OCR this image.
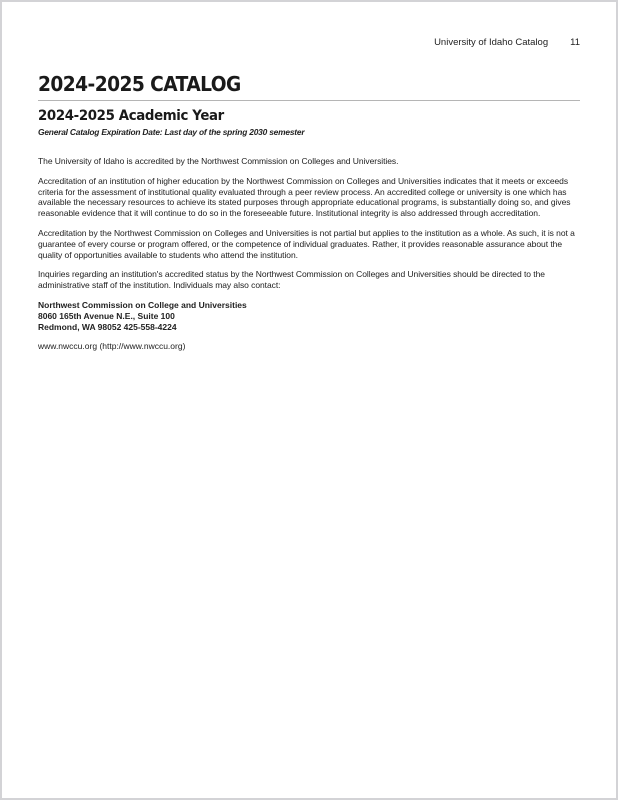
University of Idaho Catalog 11
2024-2025 CATALOG
2024-2025 Academic Year

General Catalog Expiration Date: Last day of the spring 2030 semester

The University of Idaho is accredited by the Northwest Commission on Colleges and Universities.

Accreditation of an institution of higher education by the Northwest Commission on Colleges and Universities indicates that it meets or exceeds criteria for the assessment of institutional quality evaluated through a peer review process. An accredited college or university is one which has available the necessary resources to achieve its stated purposes through appropriate educational programs, is substantially doing so, and gives reasonable evidence that it will continue to do so in the foreseeable future. Institutional integrity is also addressed through accreditation.

Accreditation by the Northwest Commission on Colleges and Universities is not partial but applies to the institution as a whole. As such, it is not a guarantee of every course or program offered, or the competence of individual graduates. Rather, it provides reasonable assurance about the quality of opportunities available to students who attend the institution.

Inquiries regarding an institution's accredited status by the Northwest Commission on Colleges and Universities should be directed to the administrative staff of the institution. Individuals may also contact:

Northwest Commission on College and Universities
8060 165th Avenue N.E., Suite 100
Redmond, WA 98052 425-558-4224
www.nwccu.org (http://www.nwccu.org)
